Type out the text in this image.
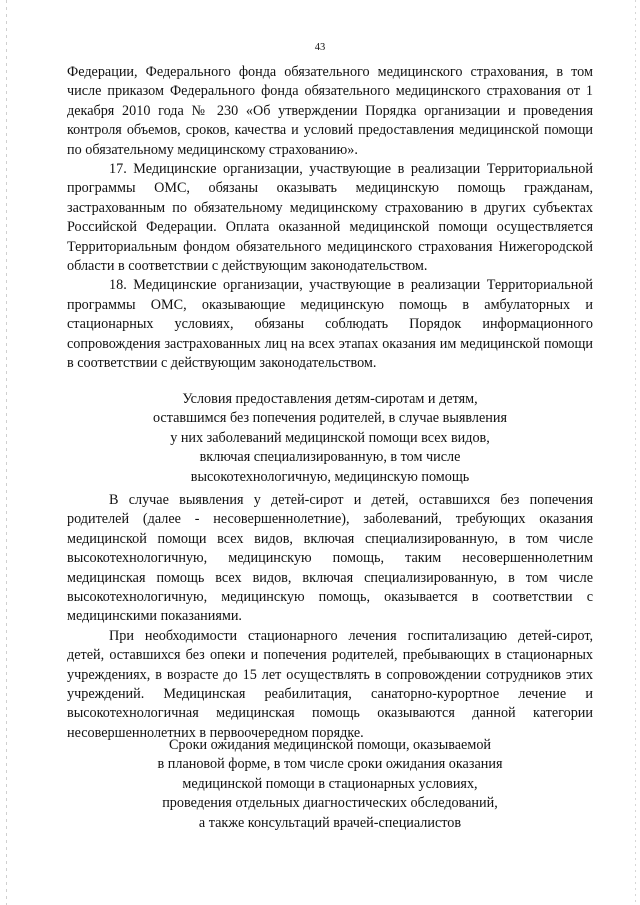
43

Федерации, Федерального фонда обязательного медицинского страхования, в том числе приказом Федерального фонда обязательного медицинского страхования от 1 декабря 2010 года № 230 «Об утверждении Порядка организации и проведения контроля объемов, сроков, качества и условий предоставления медицинской помощи по обязательному медицинскому страхованию».

17. Медицинские организации, участвующие в реализации Территориальной программы ОМС, обязаны оказывать медицинскую помощь гражданам, застрахованным по обязательному медицинскому страхованию в других субъектах Российской Федерации. Оплата оказанной медицинской помощи осуществляется Территориальным фондом обязательного медицинского страхования Нижегородской области в соответствии с действующим законодательством.

18. Медицинские организации, участвующие в реализации Территориальной программы ОМС, оказывающие медицинскую помощь в амбулаторных и стационарных условиях, обязаны соблюдать Порядок информационного сопровождения застрахованных лиц на всех этапах оказания им медицинской помощи в соответствии с действующим законодательством.

Условия предоставления детям-сиротам и детям,
оставшимся без попечения родителей, в случае выявления
у них заболеваний медицинской помощи всех видов,
включая специализированную, в том числе
высокотехнологичную, медицинскую помощь

В случае выявления у детей-сирот и детей, оставшихся без попечения родителей (далее - несовершеннолетние), заболеваний, требующих оказания медицинской помощи всех видов, включая специализированную, в том числе высокотехнологичную, медицинскую помощь, таким несовершеннолетним медицинская помощь всех видов, включая специализированную, в том числе высокотехнологичную, медицинскую помощь, оказывается в соответствии с медицинскими показаниями.

При необходимости стационарного лечения госпитализацию детей-сирот, детей, оставшихся без опеки и попечения родителей, пребывающих в стационарных учреждениях, в возрасте до 15 лет осуществлять в сопровождении сотрудников этих учреждений. Медицинская реабилитация, санаторно-курортное лечение и высокотехнологичная медицинская помощь оказываются данной категории несовершеннолетних в первоочередном порядке.

Сроки ожидания медицинской помощи, оказываемой
в плановой форме, в том числе сроки ожидания оказания
медицинской помощи в стационарных условиях,
проведения отдельных диагностических обследований,
а также консультаций врачей-специалистов
